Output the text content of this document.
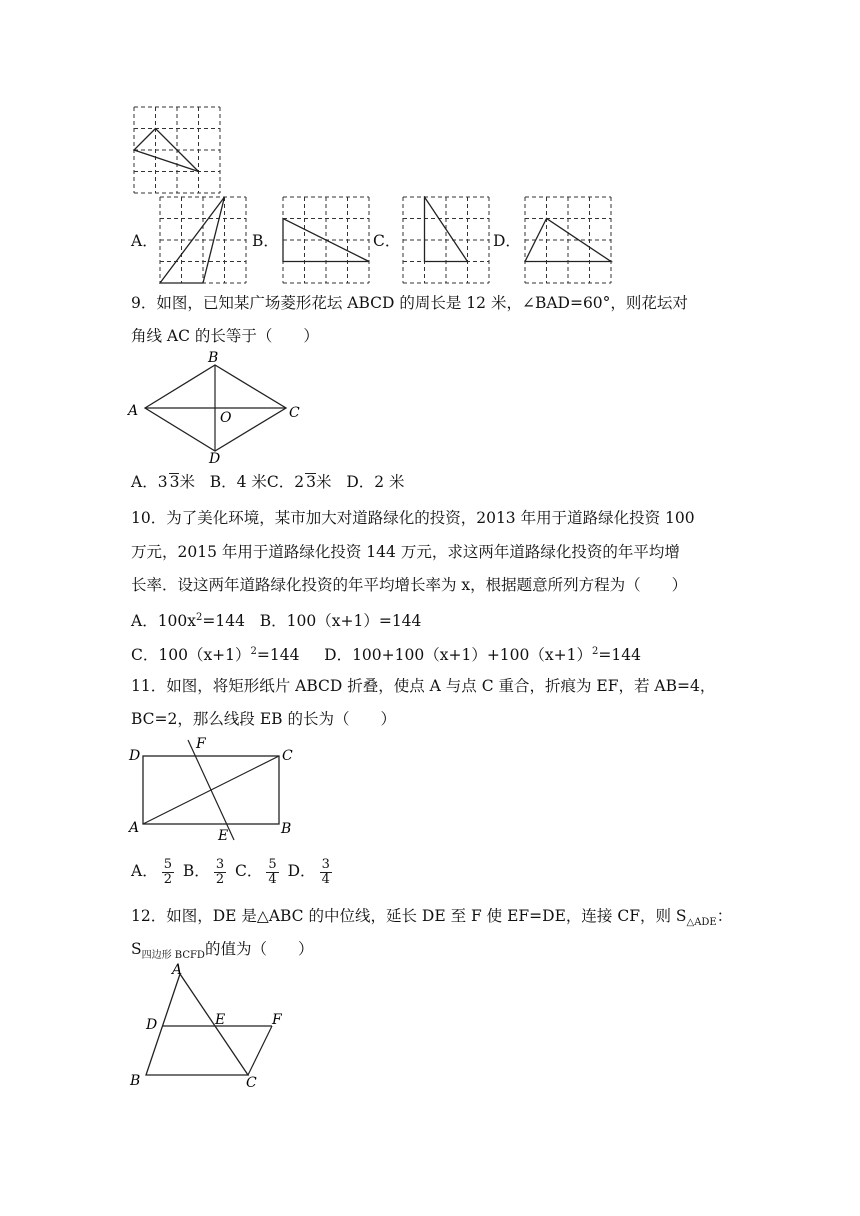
A．	B．	C．	D．
9．如图，已知某广场菱形花坛 ABCD 的周长是 12 米，∠BAD=60°，则花坛对
角线 AC 的长等于（　　）
A
B
C
D
O
A．3 3米 B．4 米C．2 3米 D．2 米
10．为了美化环境，某市加大对道路绿化的投资，2013 年用于道路绿化投资 100
万元，2015 年用于道路绿化投资 144 万元，求这两年道路绿化投资的年平均增
长率．设这两年道路绿化投资的年平均增长率为 x，根据题意所列方程为（　　）
A．$100x^2=144$ B．100（x+1）=144
C．$100(x+1)^2=144$ D．$100+100(x+1)+100(x+1)^2=144$
11．如图，将矩形纸片 ABCD 折叠，使点 A 与点 C 重合，折痕为 EF，若 AB=4，
BC=2，那么线段 EB 的长为（　　）
D
F
C
A	E	B
A． $\frac{5}{2}$ B． $\frac{3}{2}$ C． $\frac{5}{4}$ D． $\frac{3}{4}$
12．如图，DE 是△ABC 的中位线，延长 DE 至 F 使 EF=DE，连接 CF，则 $S_{\triangle ADE}$：
$S_{四边形 BCFD}$的值为（　　）
A
D	E	F
B	C
